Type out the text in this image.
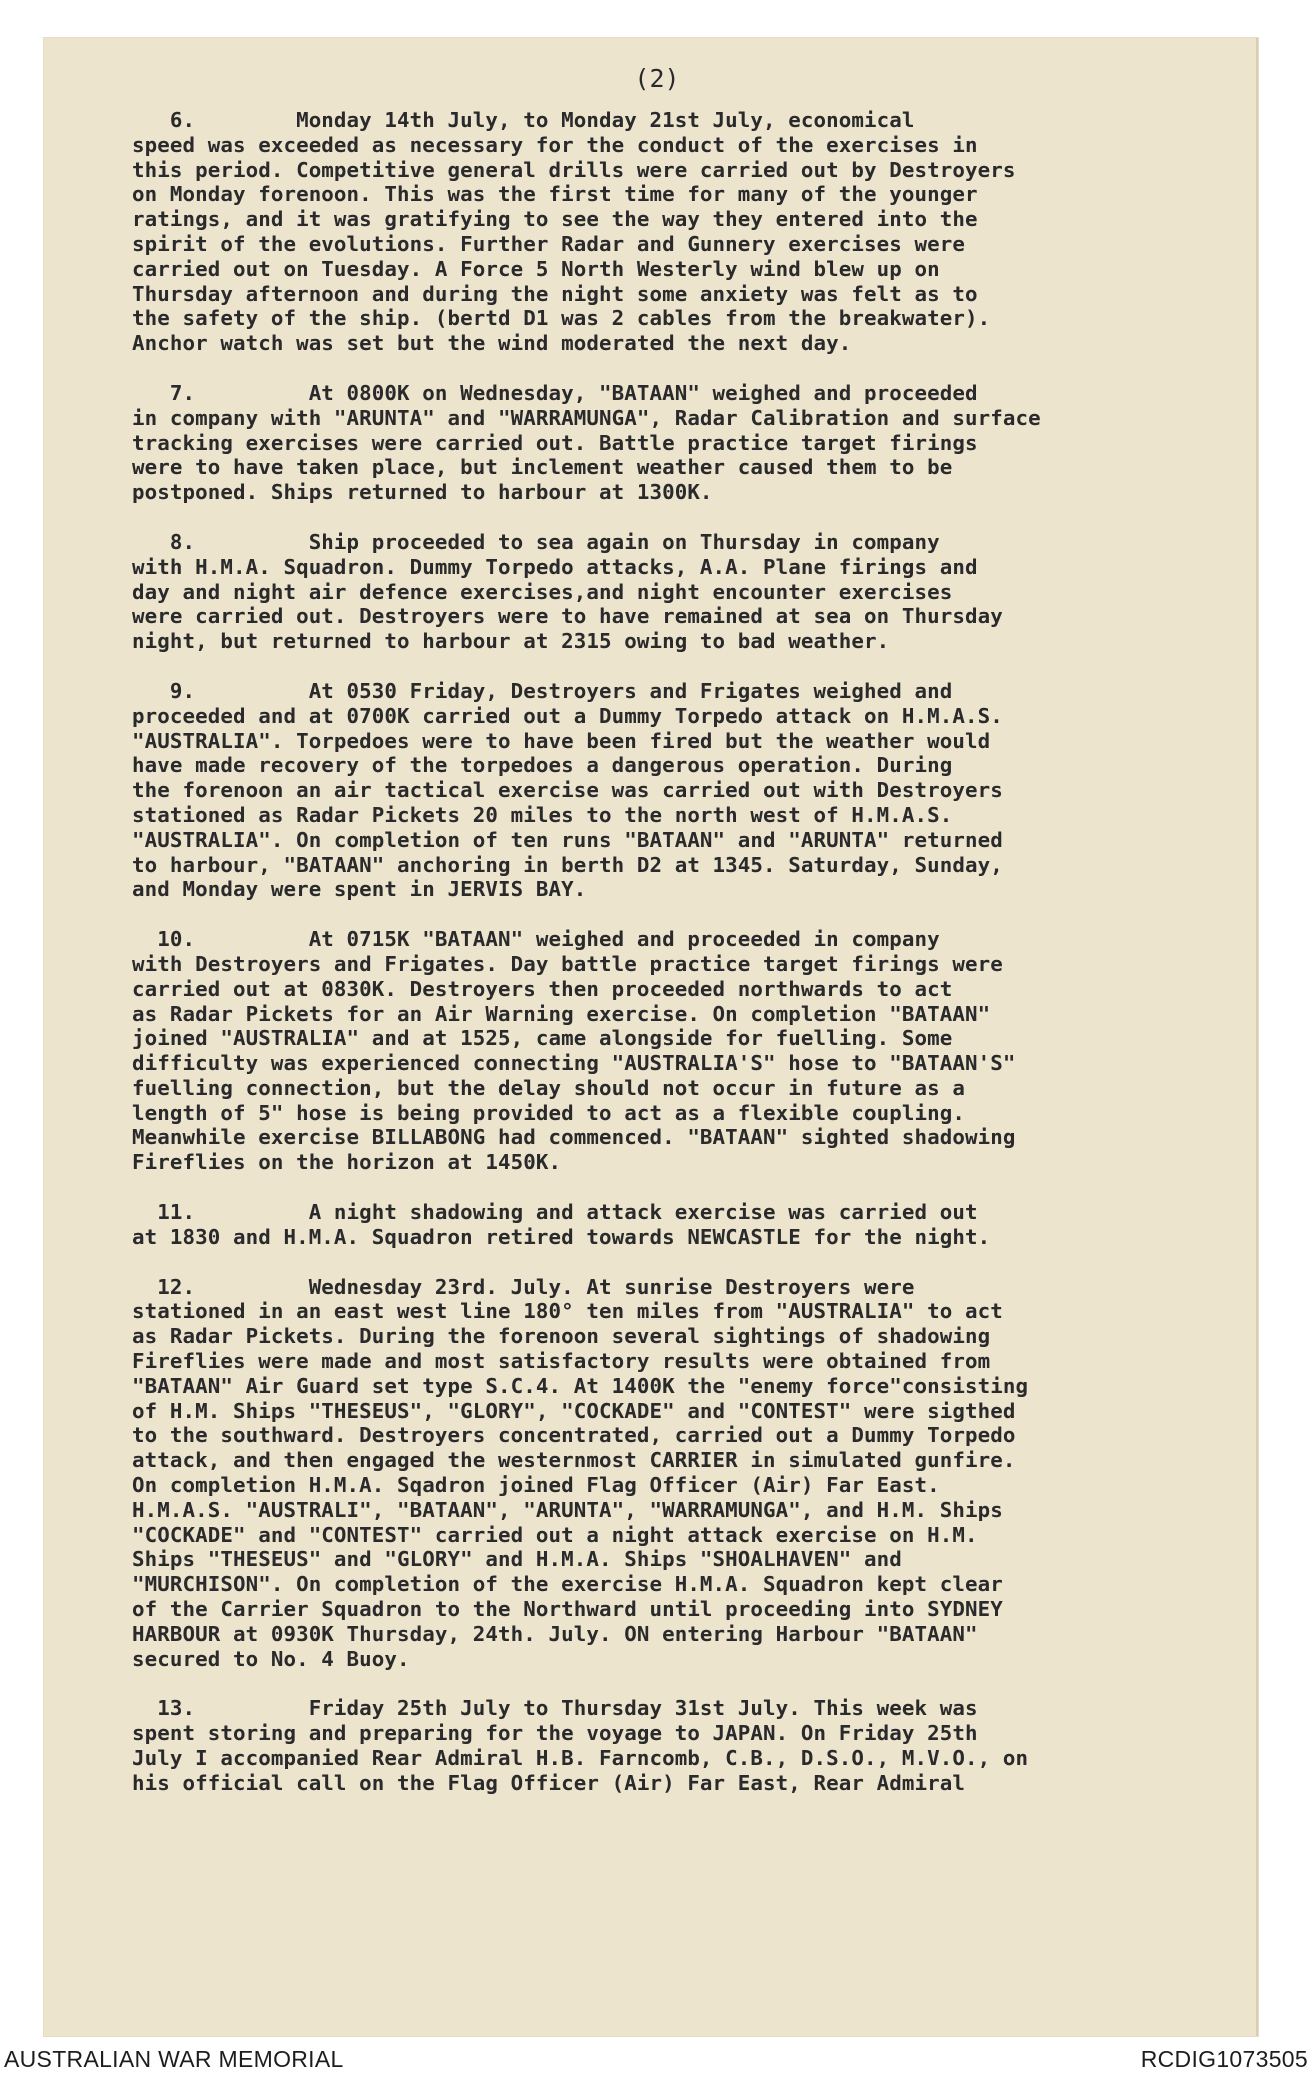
(2)
6.        Monday 14th July, to Monday 21st July, economical
speed was exceeded as necessary for the conduct of the exercises in
this period. Competitive general drills were carried out by Destroyers
on Monday forenoon. This was the first time for many of the younger
ratings, and it was gratifying to see the way they entered into the
spirit of the evolutions. Further Radar and Gunnery exercises were
carried out on Tuesday. A Force 5 North Westerly wind blew up on
Thursday afternoon and during the night some anxiety was felt as to
the safety of the ship. (bertd D1 was 2 cables from the breakwater).
Anchor watch was set but the wind moderated the next day.
7.         At 0800K on Wednesday, "BATAAN" weighed and proceeded
in company with "ARUNTA" and "WARRAMUNGA", Radar Calibration and surface
tracking exercises were carried out. Battle practice target firings
were to have taken place, but inclement weather caused them to be
postponed. Ships returned to harbour at 1300K.
8.         Ship proceeded to sea again on Thursday in company
with H.M.A. Squadron. Dummy Torpedo attacks, A.A. Plane firings and
day and night air defence exercises,and night encounter exercises
were carried out. Destroyers were to have remained at sea on Thursday
night, but returned to harbour at 2315 owing to bad weather.
9.         At 0530 Friday, Destroyers and Frigates weighed and
proceeded and at 0700K carried out a Dummy Torpedo attack on H.M.A.S.
"AUSTRALIA". Torpedoes were to have been fired but the weather would
have made recovery of the torpedoes a dangerous operation. During
the forenoon an air tactical exercise was carried out with Destroyers
stationed as Radar Pickets 20 miles to the north west of H.M.A.S.
"AUSTRALIA". On completion of ten runs "BATAAN" and "ARUNTA" returned
to harbour, "BATAAN" anchoring in berth D2 at 1345. Saturday, Sunday,
and Monday were spent in JERVIS BAY.
10.         At 0715K "BATAAN" weighed and proceeded in company
with Destroyers and Frigates. Day battle practice target firings were
carried out at 0830K. Destroyers then proceeded northwards to act
as Radar Pickets for an Air Warning exercise. On completion "BATAAN"
joined "AUSTRALIA" and at 1525, came alongside for fuelling. Some
difficulty was experienced connecting "AUSTRALIA'S" hose to "BATAAN'S"
fuelling connection, but the delay should not occur in future as a
length of 5" hose is being provided to act as a flexible coupling.
Meanwhile exercise BILLABONG had commenced. "BATAAN" sighted shadowing
Fireflies on the horizon at 1450K.
11.         A night shadowing and attack exercise was carried out
at 1830 and H.M.A. Squadron retired towards NEWCASTLE for the night.
12.         Wednesday 23rd. July. At sunrise Destroyers were
stationed in an east west line 180° ten miles from "AUSTRALIA" to act
as Radar Pickets. During the forenoon several sightings of shadowing
Fireflies were made and most satisfactory results were obtained from
"BATAAN" Air Guard set type S.C.4. At 1400K the "enemy force"consisting
of H.M. Ships "THESEUS", "GLORY", "COCKADE" and "CONTEST" were sigthed
to the southward. Destroyers concentrated, carried out a Dummy Torpedo
attack, and then engaged the westernmost CARRIER in simulated gunfire.
On completion H.M.A. Sqadron joined Flag Officer (Air) Far East.
H.M.A.S. "AUSTRALI", "BATAAN", "ARUNTA", "WARRAMUNGA", and H.M. Ships
"COCKADE" and "CONTEST" carried out a night attack exercise on H.M.
Ships "THESEUS" and "GLORY" and H.M.A. Ships "SHOALHAVEN" and
"MURCHISON". On completion of the exercise H.M.A. Squadron kept clear
of the Carrier Squadron to the Northward until proceeding into SYDNEY
HARBOUR at 0930K Thursday, 24th. July. ON entering Harbour "BATAAN"
secured to No. 4 Buoy.
13.         Friday 25th July to Thursday 31st July. This week was
spent storing and preparing for the voyage to JAPAN. On Friday 25th
July I accompanied Rear Admiral H.B. Farncomb, C.B., D.S.O., M.V.O., on
his official call on the Flag Officer (Air) Far East, Rear Admiral
AUSTRALIAN WAR MEMORIAL	RCDIG1073505
